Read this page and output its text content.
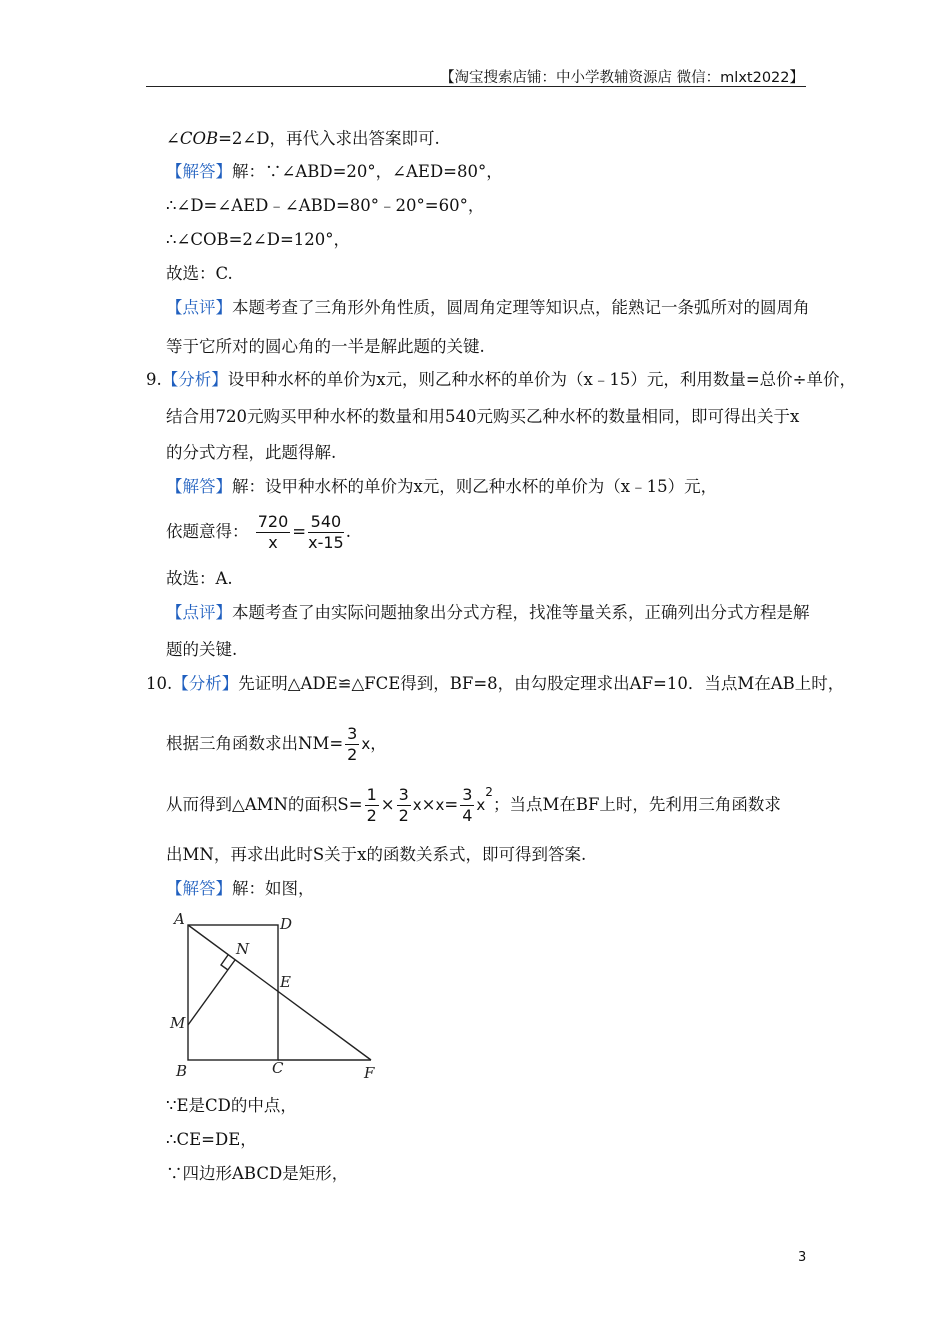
【淘宝搜索店铺：中小学教辅资源店 微信：mlxt2022】
∠COB=2∠D，再代入求出答案即可.
【解答】解：∵∠ABD=20°，∠AED=80°，
∴∠D=∠AED﹣∠ABD=80°﹣20°=60°，
∴∠COB=2∠D=120°，
故选：C.
【点评】本题考查了三角形外角性质，圆周角定理等知识点，能熟记一条弧所对的圆周角
等于它所对的圆心角的一半是解此题的关键.
9.【分析】设甲种水杯的单价为x元，则乙种水杯的单价为（x﹣15）元，利用数量=总价÷单价，
结合用720元购买甲种水杯的数量和用540元购买乙种水杯的数量相同，即可得出关于x
的分式方程，此题得解.
【解答】解：设甲种水杯的单价为x元，则乙种水杯的单价为（x﹣15）元，
依题意得： $\frac{720}{x} = \frac{540}{x-15}$ .
故选：A.
【点评】本题考查了由实际问题抽象出分式方程，找准等量关系，正确列出分式方程是解
题的关键.
10.【分析】先证明△ADE≌△FCE得到，BF=8，由勾股定理求出AF=10．当点M在AB上时，
根据三角函数求出$NM= \frac{3}{2}$ x，
从而得到△AMN的面积$S= \frac{1}{2} \times \frac{3}{2} x\times x= \frac{3}{4} x^2$；当点M在BF上时，先利用三角函数求
出MN，再求出此时S关于x的函数关系式，即可得到答案.
【解答】解：如图，
A	D
N
E
M
B	C	F
∵E是CD的中点，
∴CE=DE，
∵四边形ABCD是矩形，
3
